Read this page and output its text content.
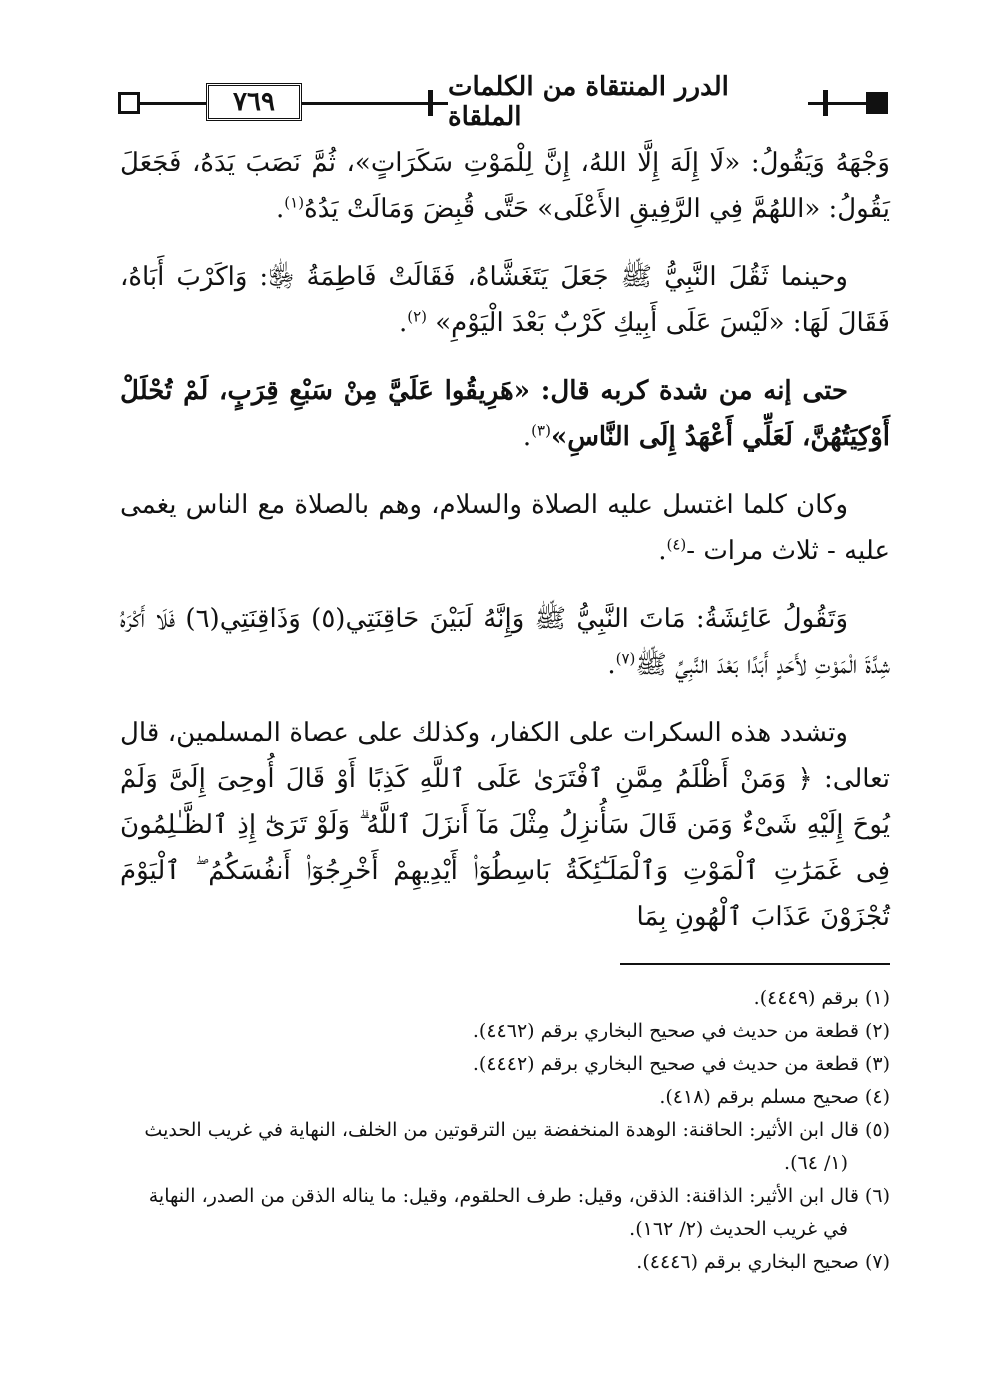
٧٦٩	الدرر المنتقاة من الكلمات الملقاة

وَجْهَهُ وَيَقُولُ: «لَا إِلَهَ إِلَّا اللهُ، إِنَّ لِلْمَوْتِ سَكَرَاتٍ»، ثُمَّ نَصَبَ يَدَهُ، فَجَعَلَ يَقُولُ: «اللهُمَّ فِي الرَّفِيقِ الأَعْلَى» حَتَّى قُبِضَ وَمَالَتْ يَدُهُ$^{(١)}$.

وحينما ثَقُلَ النَّبِيُّ ﷺ جَعَلَ يَتَغَشَّاهُ، فَقَالَتْ فَاطِمَةُ ﵂: وَاكَرْبَ أَبَاهُ، فَقَالَ لَهَا: «لَيْسَ عَلَى أَبِيكِ كَرْبٌ بَعْدَ الْيَوْمِ» $^{(٢)}$.

حتى إنه من شدة كربه قال: «هَرِيقُوا عَلَيَّ مِنْ سَبْعِ قِرَبٍ، لَمْ تُحْلَلْ أَوْكِيَتُهُنَّ، لَعَلِّي أَعْهَدُ إِلَى النَّاسِ»$^{(٣)}$.

وكان كلما اغتسل عليه الصلاة والسلام، وهم بالصلاة مع الناس يغمى عليه - ثلاث مرات -$^{(٤)}$.

وَتَقُولُ عَائِشَةُ: مَاتَ النَّبِيُّ ﷺ وَإِنَّهُ لَبَيْنَ حَاقِنَتِي(٥) وَذَاقِنَتِي(٦) فَلَا أَكْرَهُ شِدَّةَ الْمَوْتِ لأَحَدٍ أَبَدًا بَعْدَ النَّبِيِّ ﷺ$^{(٧)}$.

وتشدد هذه السكرات على الكفار، وكذلك على عصاة المسلمين، قال تعالى: ﴿ وَمَنْ أَظْلَمُ مِمَّنِ ٱفْتَرَىٰ عَلَى ٱللَّهِ كَذِبًا أَوْ قَالَ أُوحِىَ إِلَىَّ وَلَمْ يُوحَ إِلَيْهِ شَىْءٌ وَمَن قَالَ سَأُنزِلُ مِثْلَ مَآ أَنزَلَ ٱللَّهُ ۗ وَلَوْ تَرَىٰٓ إِذِ ٱلظَّـٰلِمُونَ فِى غَمَرَٰتِ ٱلْمَوْتِ وَٱلْمَلَـٰٓئِكَةُ بَاسِطُوٓا۟ أَيْدِيهِمْ أَخْرِجُوٓا۟ أَنفُسَكُمُ ۖ ٱلْيَوْمَ تُجْزَوْنَ عَذَابَ ٱلْهُونِ بِمَا

(١) برقم (٤٤٤٩).

(٢) قطعة من حديث في صحيح البخاري برقم (٤٤٦٢).

(٣) قطعة من حديث في صحيح البخاري برقم (٤٤٤٢).

(٤) صحيح مسلم برقم (٤١٨).

(٥) قال ابن الأثير: الحاقنة: الوهدة المنخفضة بين الترقوتين من الخلف، النهاية في غريب الحديث (١/ ٦٤).

(٦) قال ابن الأثير: الذاقنة: الذقن، وقيل: طرف الحلقوم، وقيل: ما يناله الذقن من الصدر، النهاية في غريب الحديث (٢/ ١٦٢).

(٧) صحيح البخاري برقم (٤٤٤٦).
